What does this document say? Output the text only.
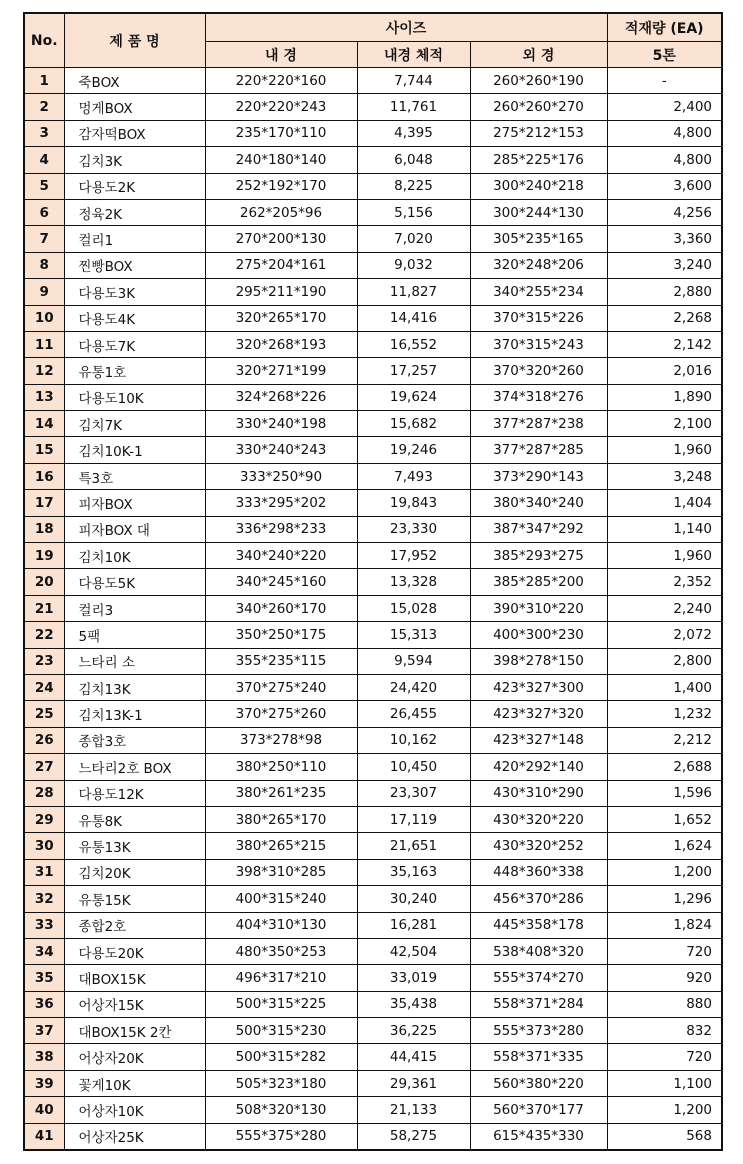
No.	제 품 명	사이즈			적재량 (EA)
		내 경	내경 체적	외 경	5톤
1	죽BOX	220*220*160	7,744	260*260*190	-
2	멍게BOX	220*220*243	11,761	260*260*270	2,400
3	감자떡BOX	235*170*110	4,395	275*212*153	4,800
4	김치3K	240*180*140	6,048	285*225*176	4,800
5	다용도2K	252*192*170	8,225	300*240*218	3,600
6	정육2K	262*205*96	5,156	300*244*130	4,256
7	컬리1	270*200*130	7,020	305*235*165	3,360
8	찐빵BOX	275*204*161	9,032	320*248*206	3,240
9	다용도3K	295*211*190	11,827	340*255*234	2,880
10	다용도4K	320*265*170	14,416	370*315*226	2,268
11	다용도7K	320*268*193	16,552	370*315*243	2,142
12	유통1호	320*271*199	17,257	370*320*260	2,016
13	다용도10K	324*268*226	19,624	374*318*276	1,890
14	김치7K	330*240*198	15,682	377*287*238	2,100
15	김치10K-1	330*240*243	19,246	377*287*285	1,960
16	특3호	333*250*90	7,493	373*290*143	3,248
17	피자BOX	333*295*202	19,843	380*340*240	1,404
18	피자BOX 대	336*298*233	23,330	387*347*292	1,140
19	김치10K	340*240*220	17,952	385*293*275	1,960
20	다용도5K	340*245*160	13,328	385*285*200	2,352
21	컬리3	340*260*170	15,028	390*310*220	2,240
22	5팩	350*250*175	15,313	400*300*230	2,072
23	느타리 소	355*235*115	9,594	398*278*150	2,800
24	김치13K	370*275*240	24,420	423*327*300	1,400
25	김치13K-1	370*275*260	26,455	423*327*320	1,232
26	종합3호	373*278*98	10,162	423*327*148	2,212
27	느타리2호 BOX	380*250*110	10,450	420*292*140	2,688
28	다용도12K	380*261*235	23,307	430*310*290	1,596
29	유통8K	380*265*170	17,119	430*320*220	1,652
30	유통13K	380*265*215	21,651	430*320*252	1,624
31	김치20K	398*310*285	35,163	448*360*338	1,200
32	유통15K	400*315*240	30,240	456*370*286	1,296
33	종합2호	404*310*130	16,281	445*358*178	1,824
34	다용도20K	480*350*253	42,504	538*408*320	720
35	대BOX15K	496*317*210	33,019	555*374*270	920
36	어상자15K	500*315*225	35,438	558*371*284	880
37	대BOX15K 2칸	500*315*230	36,225	555*373*280	832
38	어상자20K	500*315*282	44,415	558*371*335	720
39	꽃게10K	505*323*180	29,361	560*380*220	1,100
40	어상자10K	508*320*130	21,133	560*370*177	1,200
41	어상자25K	555*375*280	58,275	615*435*330	568
